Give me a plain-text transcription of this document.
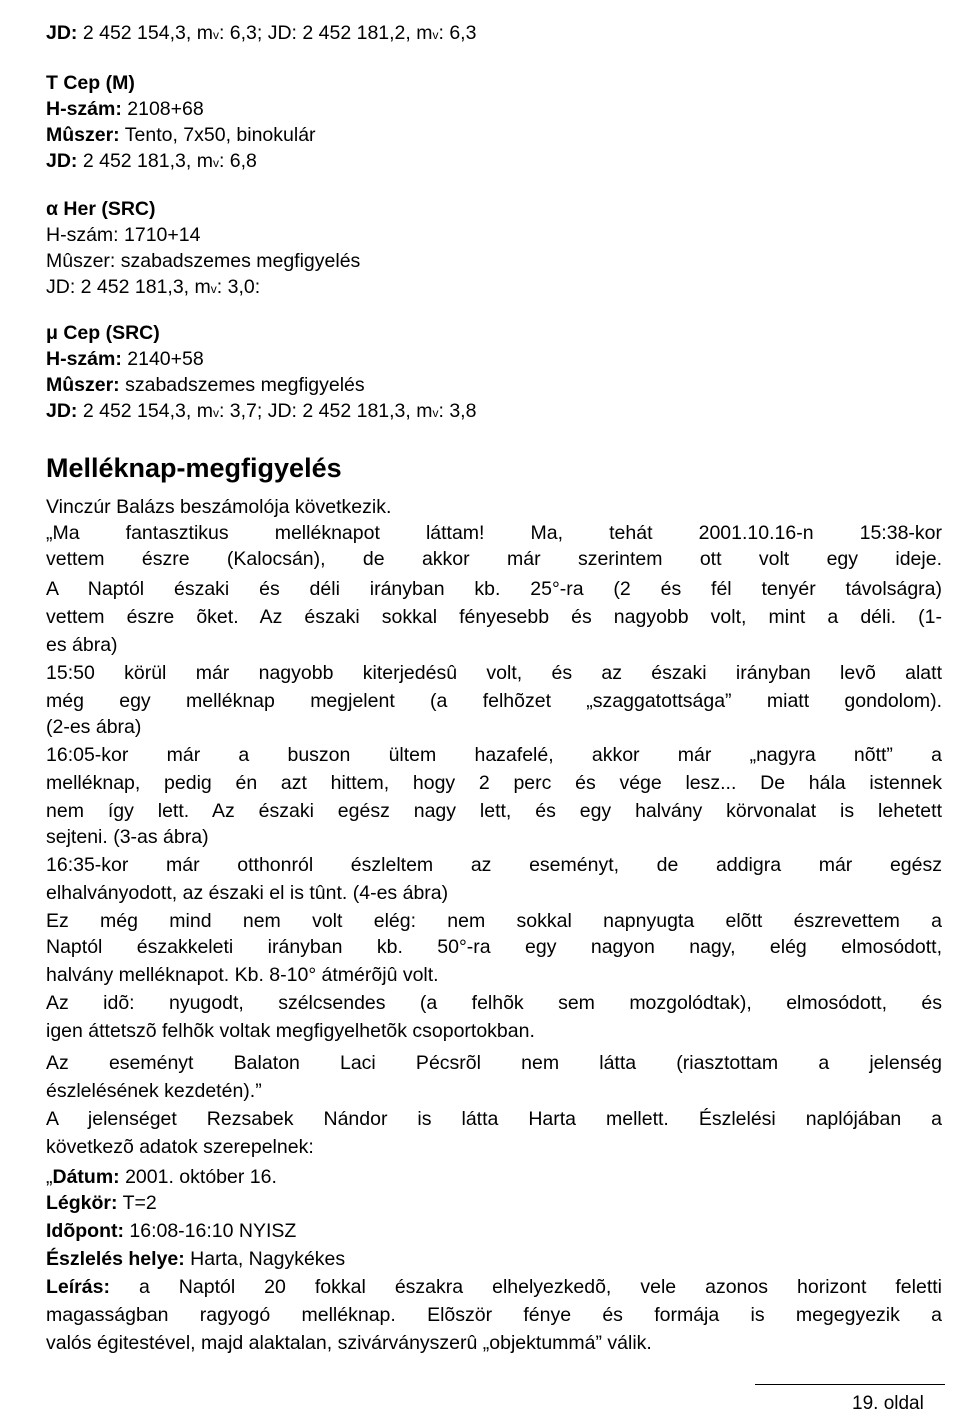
JD: 2 452 154,3, mv: 6,3; JD: 2 452 181,2, mv: 6,3
T Cep (M)
H-szám: 2108+68
Mûszer: Tento, 7x50, binokulár
JD: 2 452 181,3, mv: 6,8
α Her (SRC)
H-szám: 1710+14
Mûszer: szabadszemes megfigyelés
JD: 2 452 181,3, mv: 3,0:
μ Cep (SRC)
H-szám: 2140+58
Mûszer: szabadszemes megfigyelés
JD: 2 452 154,3, mv: 3,7; JD: 2 452 181,3, mv: 3,8
Melléknap-megfigyelés
Vinczúr Balázs beszámolója következik.
„Ma fantasztikus melléknapot láttam! Ma, tehát 2001.10.16-n 15:38-kor
vettem észre (Kalocsán), de akkor már szerintem ott volt egy ideje.
A Naptól északi és déli irányban kb. 25°-ra (2 és fél tenyér távolságra)
vettem észre õket. Az északi sokkal fényesebb és nagyobb volt, mint a déli. (1-
es ábra)
15:50 körül már nagyobb kiterjedésû volt, és az északi irányban levõ alatt
még egy melléknap megjelent (a felhõzet „szaggatottsága” miatt gondolom).
(2-es ábra)
16:05-kor már a buszon ültem hazafelé, akkor már „nagyra nõtt” a
melléknap, pedig én azt hittem, hogy 2 perc és vége lesz... De hála istennek
nem így lett. Az északi egész nagy lett, és egy halvány körvonalat is lehetett
sejteni. (3-as ábra)
16:35-kor már otthonról észleltem az eseményt, de addigra már egész
elhalványodott, az északi el is tûnt. (4-es ábra)
Ez még mind nem volt elég: nem sokkal napnyugta elõtt észrevettem a
Naptól északkeleti irányban kb. 50°-ra egy nagyon nagy, elég elmosódott,
halvány melléknapot. Kb. 8-10° átmérõjû volt.
Az idõ: nyugodt, szélcsendes (a felhõk sem mozgolódtak), elmosódott, és
igen áttetszõ felhõk voltak megfigyelhetõk csoportokban.
Az eseményt Balaton Laci Pécsrõl nem látta (riasztottam a jelenség
észlelésének kezdetén).”
A jelenséget Rezsabek Nándor is látta Harta mellett. Észlelési naplójában a
következõ adatok szerepelnek:
„Dátum: 2001. október 16.
Légkör: T=2
Idõpont: 16:08-16:10 NYISZ
Észlelés helye: Harta, Nagykékes
Leírás: a Naptól 20 fokkal északra elhelyezkedõ, vele azonos horizont feletti
magasságban ragyogó melléknap. Elõször fénye és formája is megegyezik a
valós égitestével, majd alaktalan, szivárványszerû „objektummá” válik.
19. oldal
